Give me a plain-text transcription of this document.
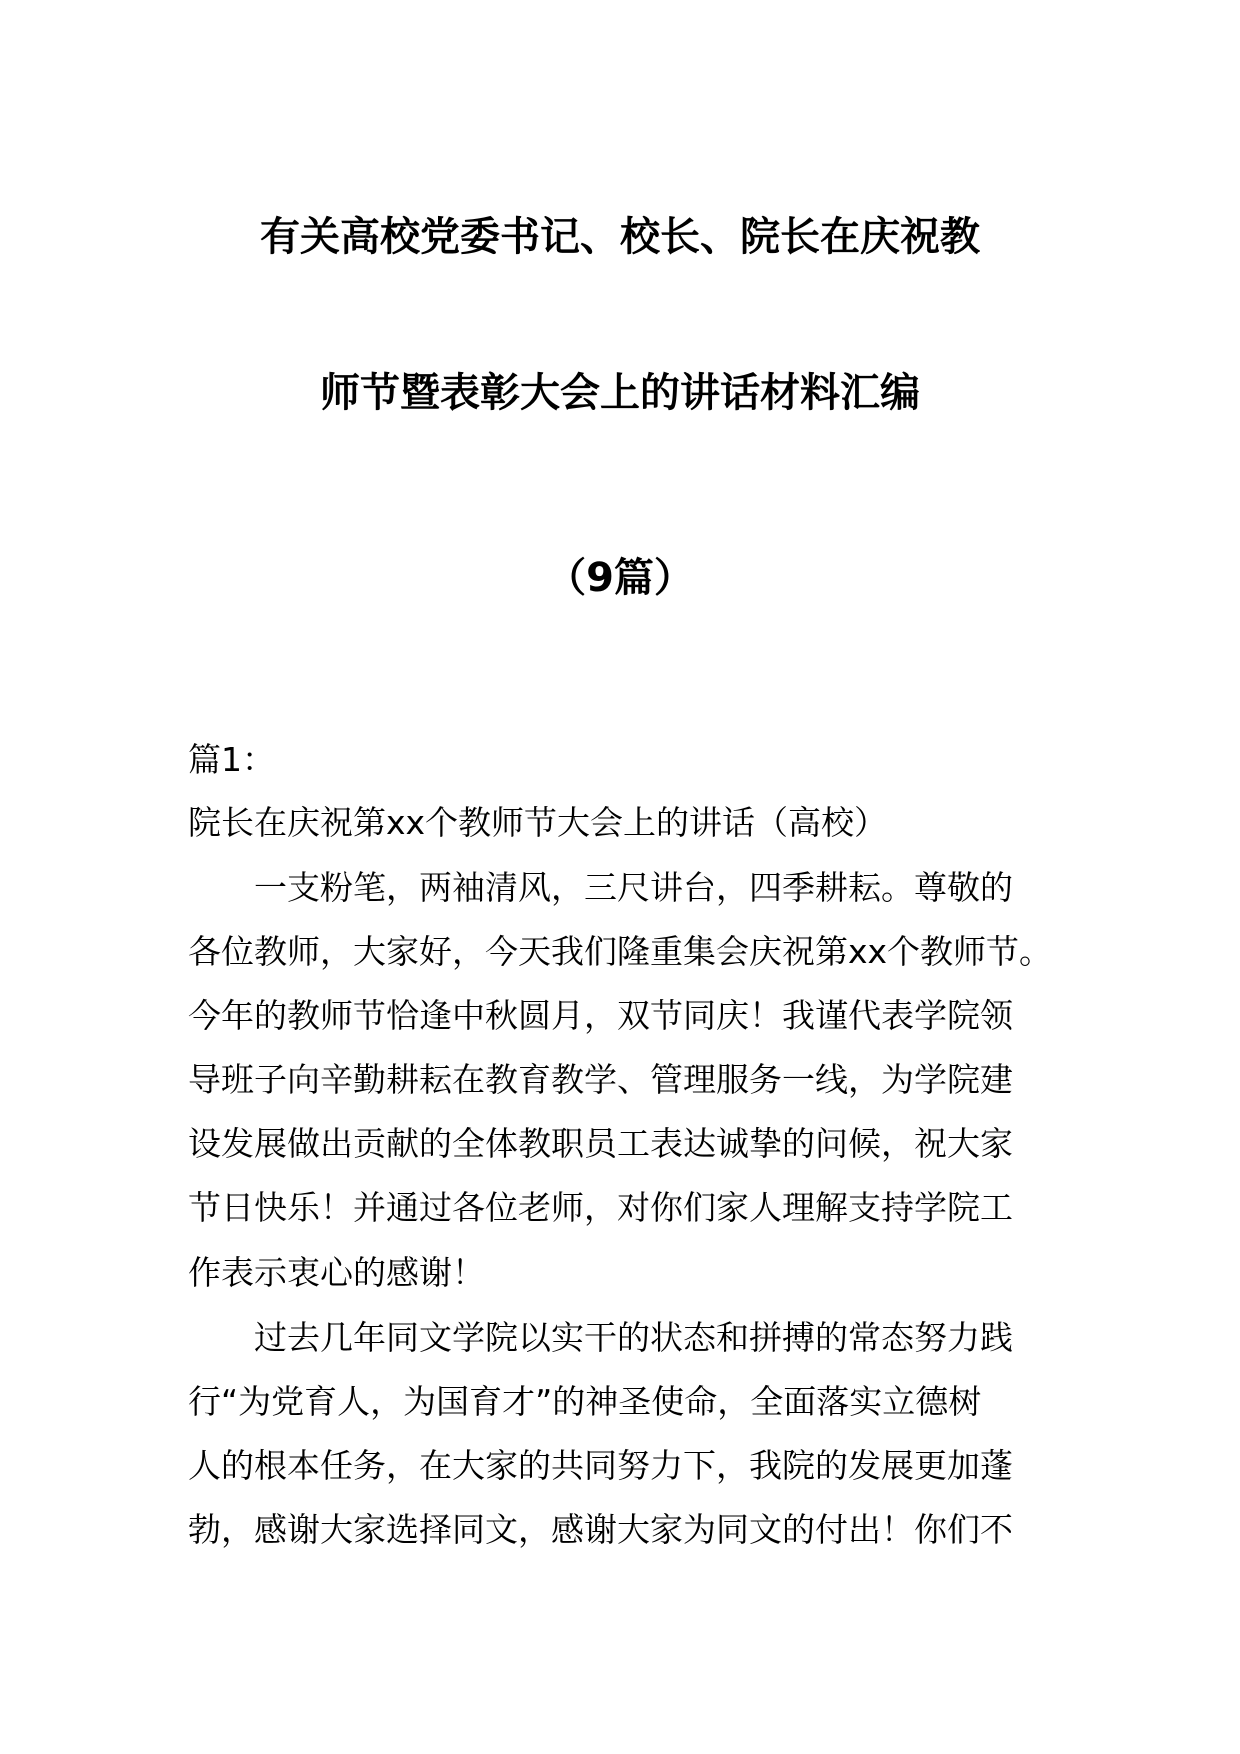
有关高校党委书记、校长、院长在庆祝教
师节暨表彰大会上的讲话材料汇编
（9篇）
篇1：
院长在庆祝第xx个教师节大会上的讲话（高校）
　　一支粉笔，两袖清风，三尺讲台，四季耕耘。尊敬的
各位教师，大家好，今天我们隆重集会庆祝第xx个教师节。
今年的教师节恰逢中秋圆月，双节同庆！我谨代表学院领
导班子向辛勤耕耘在教育教学、管理服务一线，为学院建
设发展做出贡献的全体教职员工表达诚挚的问候，祝大家
节日快乐！并通过各位老师，对你们家人理解支持学院工
作表示衷心的感谢！
　　过去几年同文学院以实干的状态和拼搏的常态努力践
行“为党育人，为国育才”的神圣使命，全面落实立德树
人的根本任务，在大家的共同努力下，我院的发展更加蓬
勃，感谢大家选择同文，感谢大家为同文的付出！你们不
